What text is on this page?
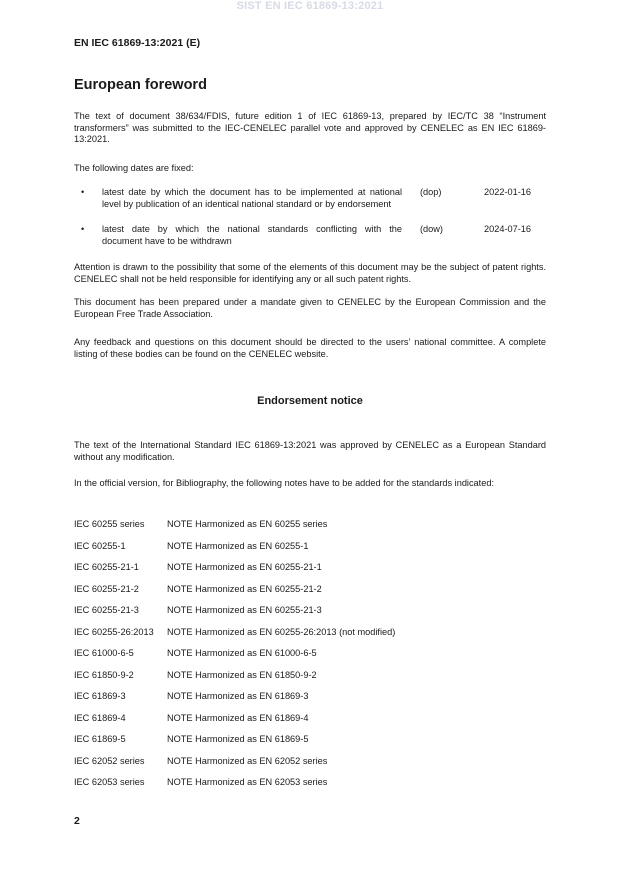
SIST EN IEC 61869-13:2021
EN IEC 61869-13:2021 (E)
European foreword
The text of document 38/634/FDIS, future edition 1 of IEC 61869-13, prepared by IEC/TC 38 “Instrument transformers” was submitted to the IEC-CENELEC parallel vote and approved by CENELEC as EN IEC 61869-13:2021.
The following dates are fixed:
• latest date by which the document has to be implemented at national
level by publication of an identical national standard or by endorsement
(dop)	2022-01-16
• latest date by which the national standards conflicting with the
document have to be withdrawn
(dow)	2024-07-16
Attention is drawn to the possibility that some of the elements of this document may be the subject of patent rights. CENELEC shall not be held responsible for identifying any or all such patent rights.
This document has been prepared under a mandate given to CENELEC by the European Commission and the European Free Trade Association.
Any feedback and questions on this document should be directed to the users’ national committee. A complete listing of these bodies can be found on the CENELEC website.
Endorsement notice
The text of the International Standard IEC 61869-13:2021 was approved by CENELEC as a European Standard without any modification.
In the official version, for Bibliography, the following notes have to be added for the standards indicated:
IEC 60255 series NOTE Harmonized as EN 60255 series
IEC 60255-1	NOTE Harmonized as EN 60255-1
IEC 60255-21-1	NOTE Harmonized as EN 60255-21-1
IEC 60255-21-2	NOTE Harmonized as EN 60255-21-2
IEC 60255-21-3	NOTE Harmonized as EN 60255-21-3
IEC 60255-26:2013 NOTE Harmonized as EN 60255-26:2013 (not modified)
IEC 61000-6-5	NOTE Harmonized as EN 61000-6-5
IEC 61850-9-2	NOTE Harmonized as EN 61850-9-2
IEC 61869-3	NOTE Harmonized as EN 61869-3
IEC 61869-4	NOTE Harmonized as EN 61869-4
IEC 61869-5	NOTE Harmonized as EN 61869-5
IEC 62052 series NOTE Harmonized as EN 62052 series
IEC 62053 series NOTE Harmonized as EN 62053 series
2
